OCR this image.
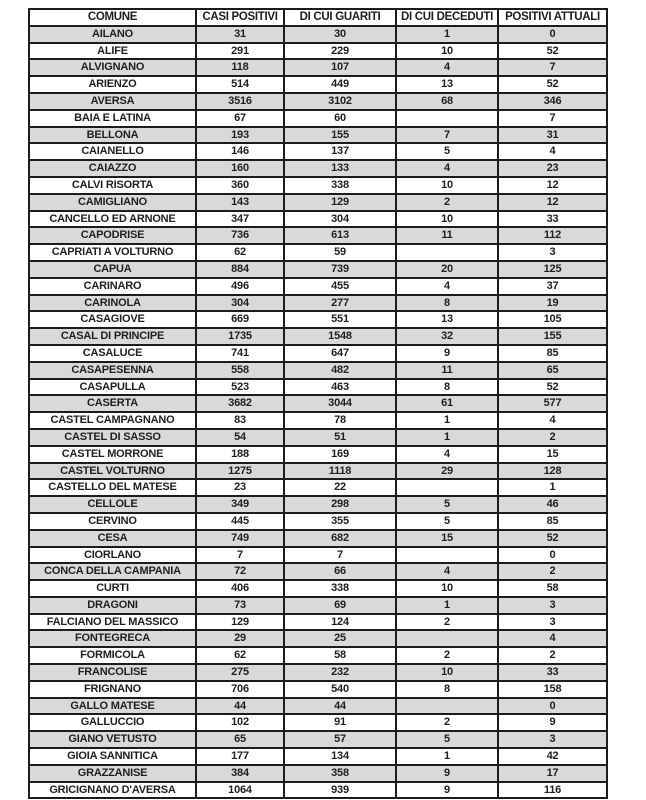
COMUNE	CASI POSITIVI	DI CUI GUARITI	DI CUI DECEDUTI	POSITIVI ATTUALI
AILANO	31	30	1	0
ALIFE	291	229	10	52
ALVIGNANO	118	107	4	7
ARIENZO	514	449	13	52
AVERSA	3516	3102	68	346
BAIA E LATINA	67	60		7
BELLONA	193	155	7	31
CAIANELLO	146	137	5	4
CAIAZZO	160	133	4	23
CALVI RISORTA	360	338	10	12
CAMIGLIANO	143	129	2	12
CANCELLO ED ARNONE	347	304	10	33
CAPODRISE	736	613	11	112
CAPRIATI A VOLTURNO	62	59		3
CAPUA	884	739	20	125
CARINARO	496	455	4	37
CARINOLA	304	277	8	19
CASAGIOVE	669	551	13	105
CASAL DI PRINCIPE	1735	1548	32	155
CASALUCE	741	647	9	85
CASAPESENNA	558	482	11	65
CASAPULLA	523	463	8	52
CASERTA	3682	3044	61	577
CASTEL CAMPAGNANO	83	78	1	4
CASTEL DI SASSO	54	51	1	2
CASTEL MORRONE	188	169	4	15
CASTEL VOLTURNO	1275	1118	29	128
CASTELLO DEL MATESE	23	22		1
CELLOLE	349	298	5	46
CERVINO	445	355	5	85
CESA	749	682	15	52
CIORLANO	7	7		0
CONCA DELLA CAMPANIA	72	66	4	2
CURTI	406	338	10	58
DRAGONI	73	69	1	3
FALCIANO DEL MASSICO	129	124	2	3
FONTEGRECA	29	25		4
FORMICOLA	62	58	2	2
FRANCOLISE	275	232	10	33
FRIGNANO	706	540	8	158
GALLO MATESE	44	44		0
GALLUCCIO	102	91	2	9
GIANO VETUSTO	65	57	5	3
GIOIA SANNITICA	177	134	1	42
GRAZZANISE	384	358	9	17
GRICIGNANO D'AVERSA	1064	939	9	116
